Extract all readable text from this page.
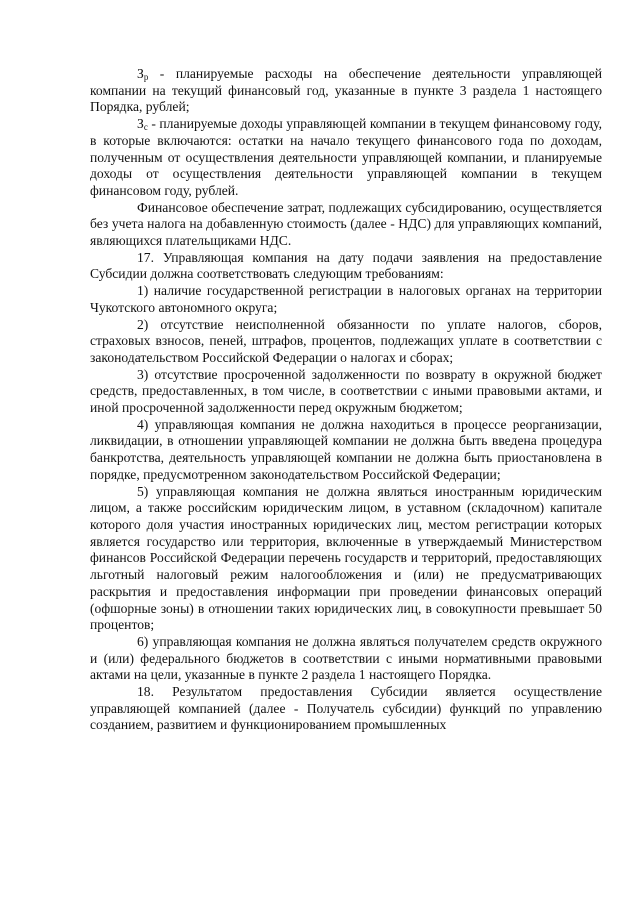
$З_р$ - планируемые расходы на обеспечение деятельности управляющей компании на текущий финансовый год, указанные в пункте 3 раздела 1 настоящего Порядка, рублей;

$З_с$ - планируемые доходы управляющей компании в текущем финансовому году, в которые включаются: остатки на начало текущего финансового года по доходам, полученным от осуществления деятельности управляющей компании, и планируемые доходы от осуществления деятельности управляющей компании в текущем финансовом году, рублей.

Финансовое обеспечение затрат, подлежащих субсидированию, осуществляется без учета налога на добавленную стоимость (далее - НДС) для управляющих компаний, являющихся плательщиками НДС.

17. Управляющая компания на дату подачи заявления на предоставление Субсидии должна соответствовать следующим требованиям:

1) наличие государственной регистрации в налоговых органах на территории Чукотского автономного округа;

2) отсутствие неисполненной обязанности по уплате налогов, сборов, страховых взносов, пеней, штрафов, процентов, подлежащих уплате в соответствии с законодательством Российской Федерации о налогах и сборах;

3) отсутствие просроченной задолженности по возврату в окружной бюджет средств, предоставленных, в том числе, в соответствии с иными правовыми актами, и иной просроченной задолженности перед окружным бюджетом;

4) управляющая компания не должна находиться в процессе реорганизации, ликвидации, в отношении управляющей компании не должна быть введена процедура банкротства, деятельность управляющей компании не должна быть приостановлена в порядке, предусмотренном законодательством Российской Федерации;

5) управляющая компания не должна являться иностранным юридическим лицом, а также российским юридическим лицом, в уставном (складочном) капитале которого доля участия иностранных юридических лиц, местом регистрации которых является государство или территория, включенные в утверждаемый Министерством финансов Российской Федерации перечень государств и территорий, предоставляющих льготный налоговый режим налогообложения и (или) не предусматривающих раскрытия и предоставления информации при проведении финансовых операций (офшорные зоны) в отношении таких юридических лиц, в совокупности превышает 50 процентов;

6) управляющая компания не должна являться получателем средств окружного и (или) федерального бюджетов в соответствии с иными нормативными правовыми актами на цели, указанные в пункте 2 раздела 1 настоящего Порядка.

18. Результатом предоставления Субсидии является осуществление управляющей компанией (далее - Получатель субсидии) функций по управлению созданием, развитием и функционированием промышленных
